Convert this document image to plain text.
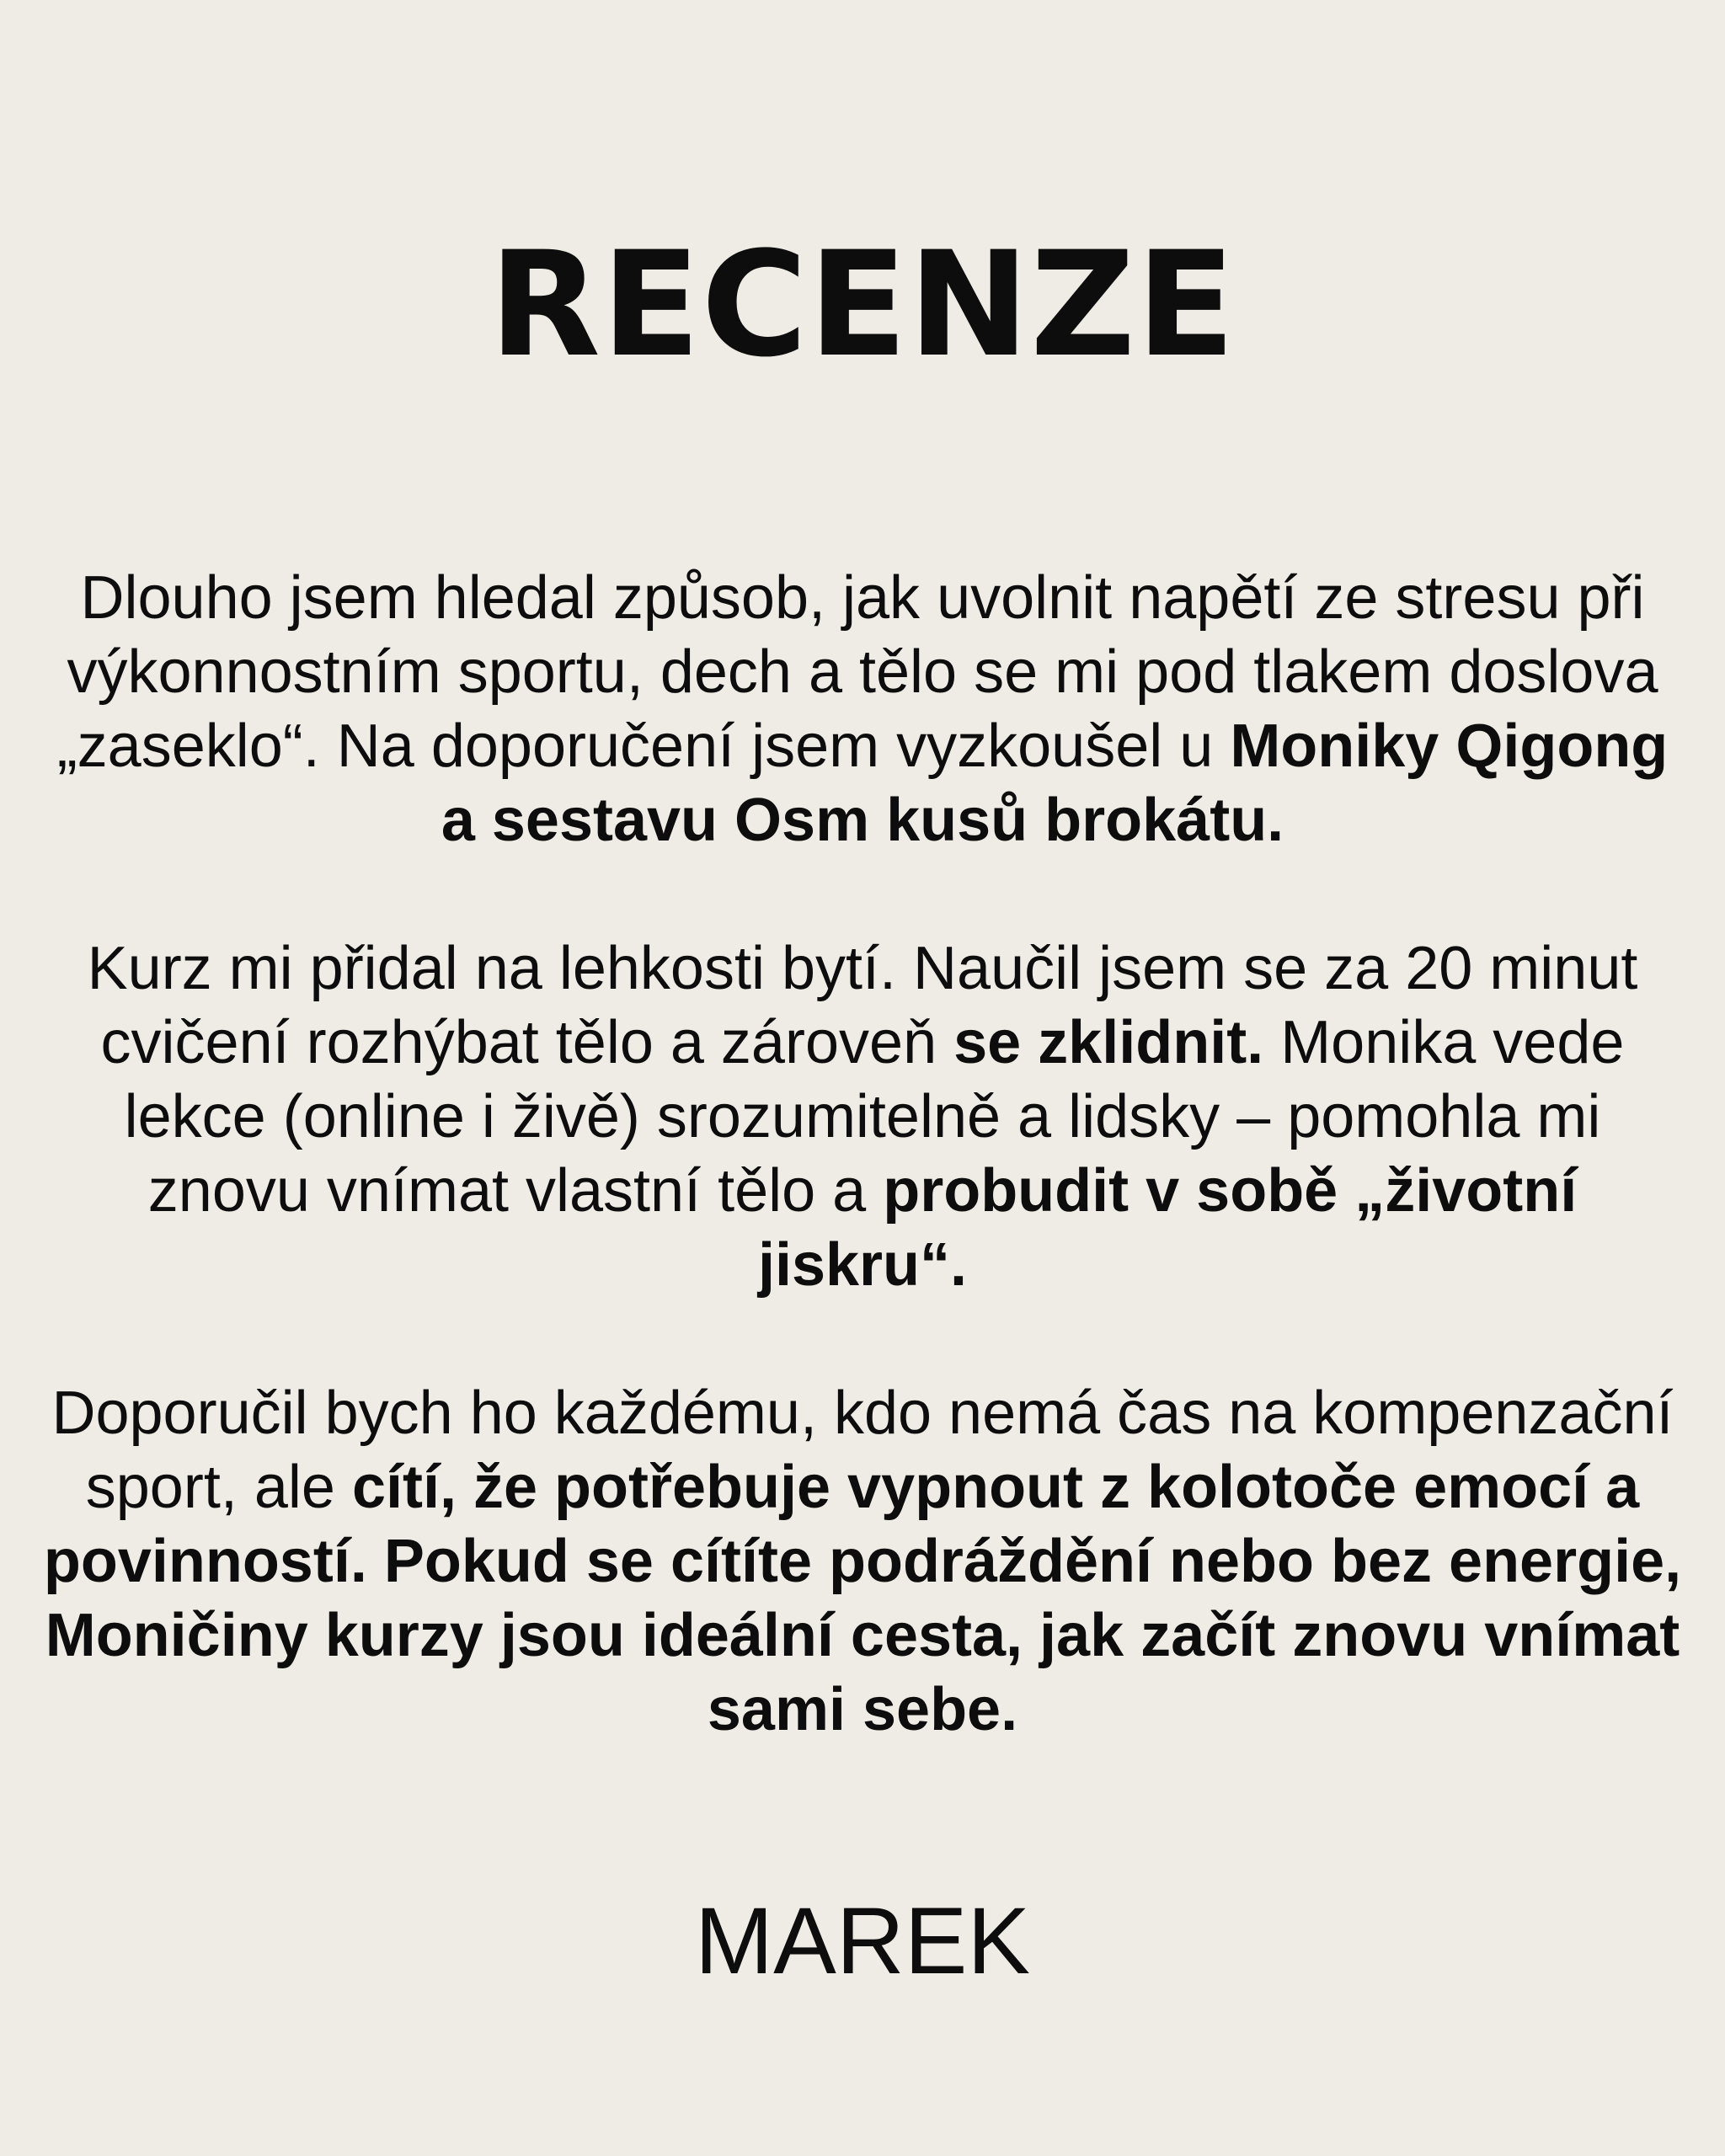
RECENZE

Dlouho jsem hledal způsob, jak uvolnit napětí ze stresu při výkonnostním sportu, dech a tělo se mi pod tlakem doslova „zaseklo“. Na doporučení jsem vyzkoušel u Moniky Qigong a sestavu Osm kusů brokátu.

Kurz mi přidal na lehkosti bytí. Naučil jsem se za 20 minut cvičení rozhýbat tělo a zároveň se zklidnit. Monika vede lekce (online i živě) srozumitelně a lidsky – pomohla mi znovu vnímat vlastní tělo a probudit v sobě „životní jiskru“.

Doporučil bych ho každému, kdo nemá čas na kompenzační sport, ale cítí, že potřebuje vypnout z kolotoče emocí a povinností. Pokud se cítíte podráždění nebo bez energie, Moničiny kurzy jsou ideální cesta, jak začít znovu vnímat sami sebe.

MAREK
